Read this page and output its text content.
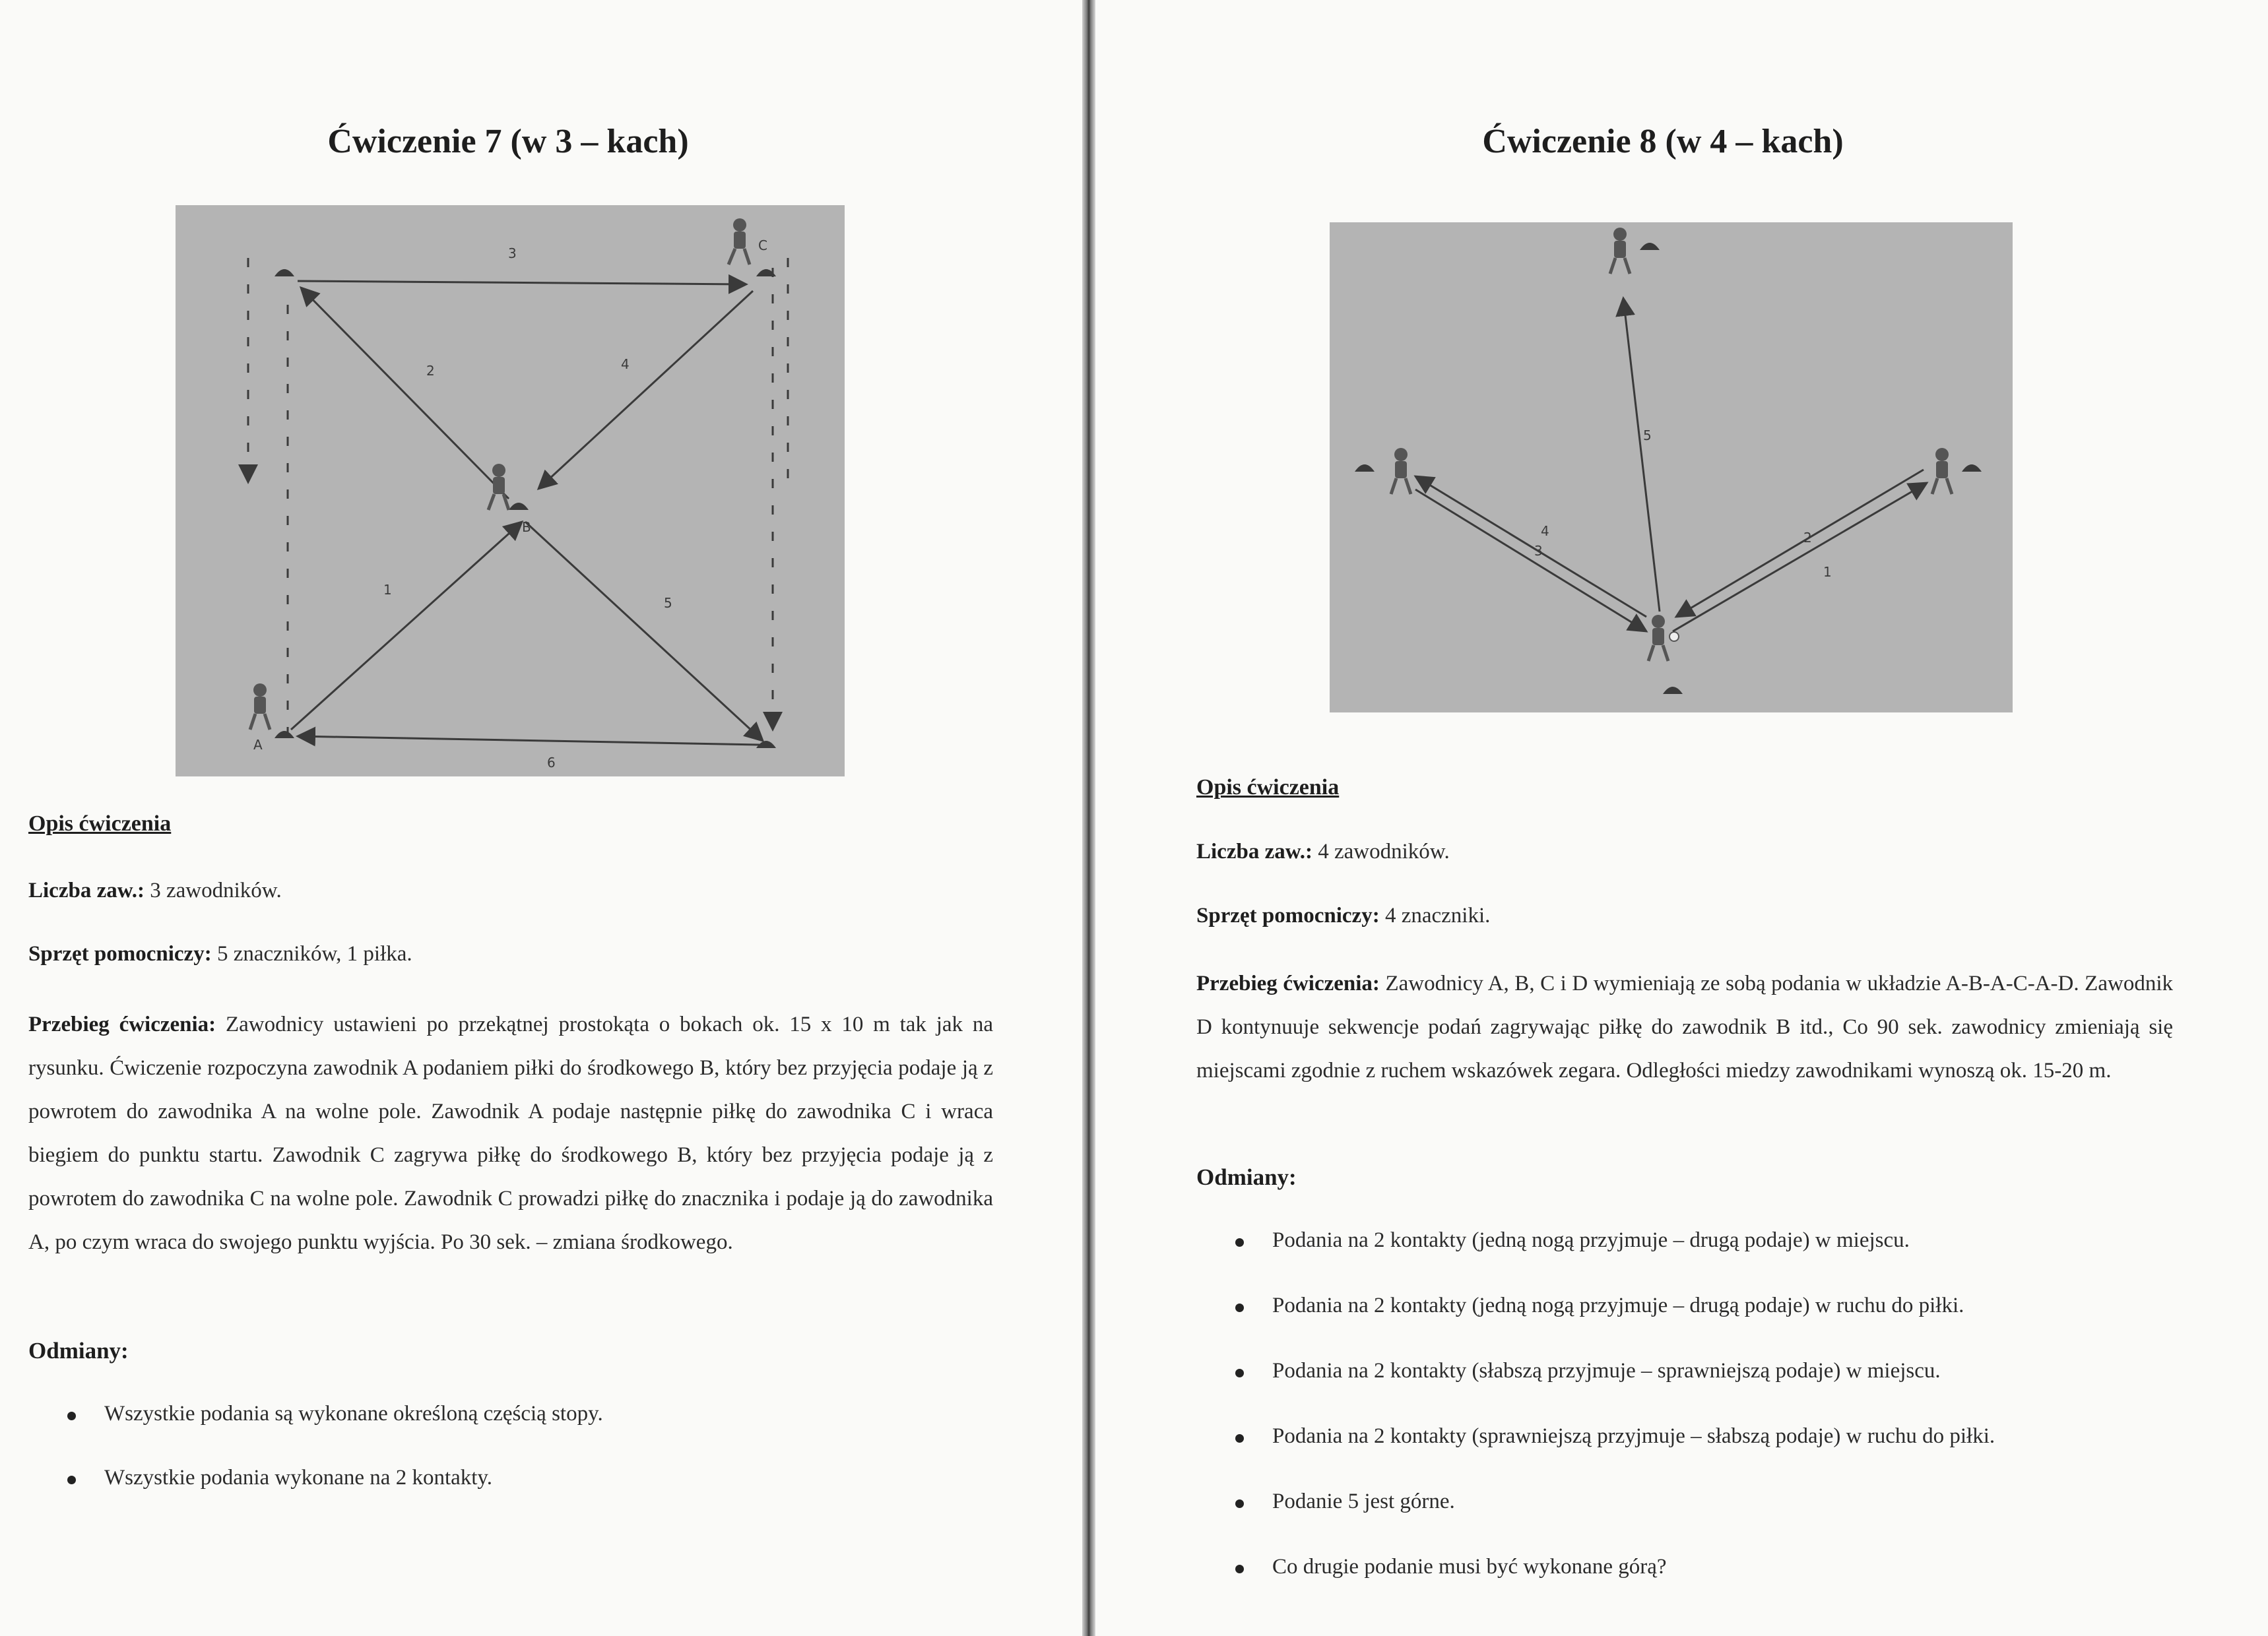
Ćwiczenie 7 (w 3 – kach)
C
B
A
1
2
3
4
5
6
Opis ćwiczenia
Liczba zaw.: 3 zawodników.
Sprzęt pomocniczy: 5 znaczników, 1 piłka.
Przebieg ćwiczenia: Zawodnicy ustawieni po przekątnej prostokąta o bokach ok. 15 x 10 m tak jak na rysunku. Ćwiczenie rozpoczyna zawodnik A podaniem piłki do środkowego B, który bez przyjęcia podaje ją z powrotem do zawodnika A na wolne pole. Zawodnik A podaje następnie piłkę do zawodnika C i wraca biegiem do punktu startu. Zawodnik C zagrywa piłkę do środkowego B, który bez przyjęcia podaje ją z powrotem do zawodnika C na wolne pole. Zawodnik C prowadzi piłkę do znacznika i podaje ją do zawodnika A, po czym wraca do swojego punktu wyjścia. Po 30 sek. – zmiana środkowego.
Odmiany:
Wszystkie podania są wykonane określoną częścią stopy.
Wszystkie podania wykonane na 2 kontakty.
Ćwiczenie 8 (w 4 – kach)
5
3
4
1
2
Opis ćwiczenia
Liczba zaw.: 4 zawodników.
Sprzęt pomocniczy: 4 znaczniki.
Przebieg ćwiczenia: Zawodnicy A, B, C i D wymieniają ze sobą podania w układzie A-B-A-C-A-D. Zawodnik D kontynuuje sekwencje podań zagrywając piłkę do zawodnik B itd., Co 90 sek. zawodnicy zmieniają się miejscami zgodnie z ruchem wskazówek zegara. Odległości miedzy zawodnikami wynoszą ok. 15-20 m.
Odmiany:
Podania na 2 kontakty (jedną nogą przyjmuje – drugą podaje) w miejscu.
Podania na 2 kontakty (jedną nogą przyjmuje – drugą podaje) w ruchu do piłki.
Podania na 2 kontakty (słabszą przyjmuje – sprawniejszą podaje) w miejscu.
Podania na 2 kontakty (sprawniejszą przyjmuje – słabszą podaje) w ruchu do piłki.
Podanie 5 jest górne.
Co drugie podanie musi być wykonane górą?
